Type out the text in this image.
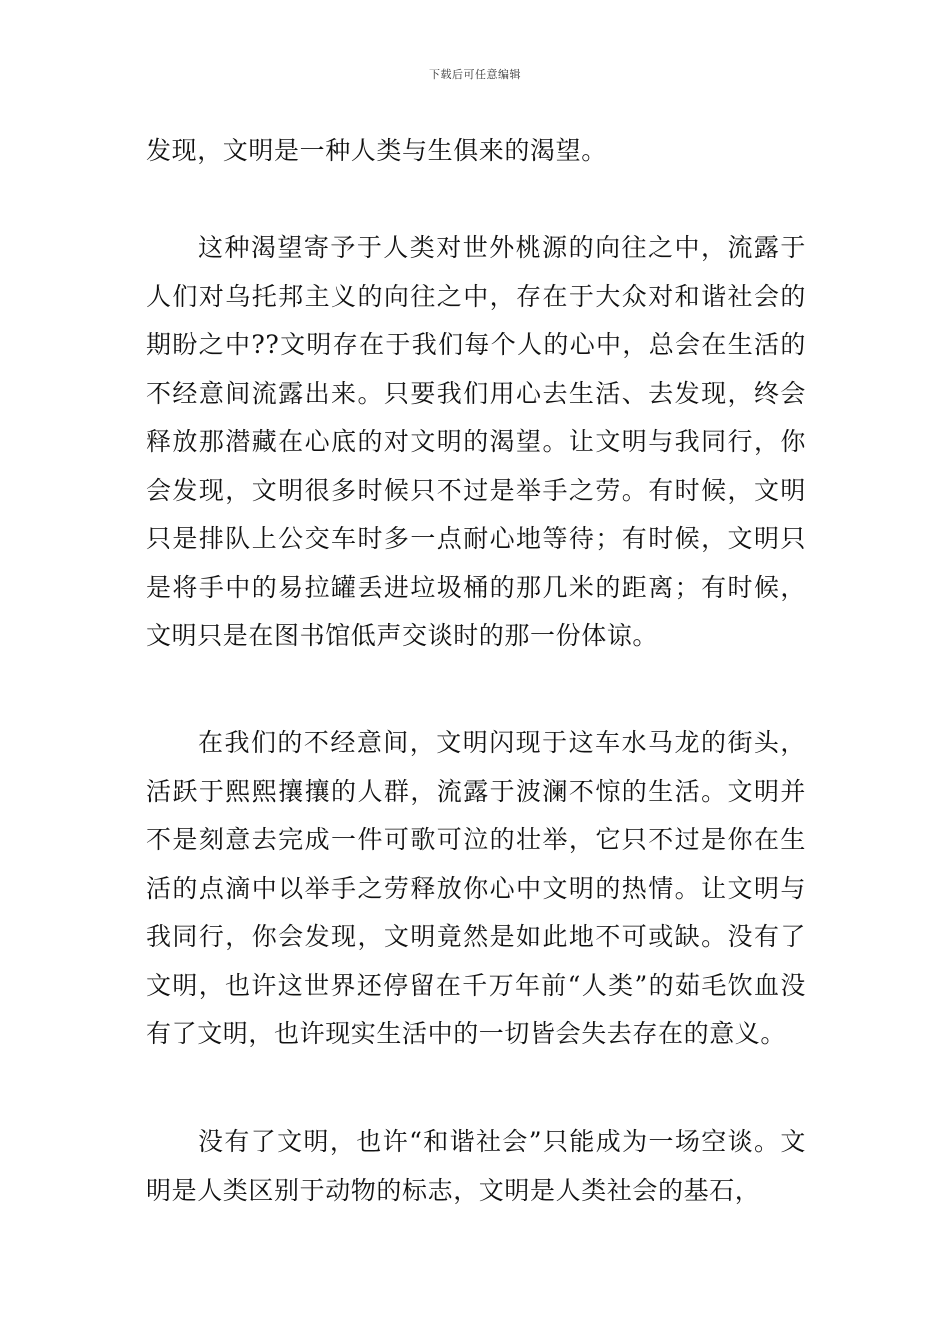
下载后可任意编辑

发现，文明是一种人类与生俱来的渴望。

这种渴望寄予于人类对世外桃源的向往之中，流露于人们对乌托邦主义的向往之中，存在于大众对和谐社会的期盼之中??文明存在于我们每个人的心中，总会在生活的不经意间流露出来。只要我们用心去生活、去发现，终会释放那潜藏在心底的对文明的渴望。让文明与我同行，你会发现，文明很多时候只不过是举手之劳。有时候，文明只是排队上公交车时多一点耐心地等待；有时候，文明只是将手中的易拉罐丢进垃圾桶的那几米的距离；有时候，文明只是在图书馆低声交谈时的那一份体谅。

在我们的不经意间，文明闪现于这车水马龙的街头，活跃于熙熙攘攘的人群，流露于波澜不惊的生活。文明并不是刻意去完成一件可歌可泣的壮举，它只不过是你在生活的点滴中以举手之劳释放你心中文明的热情。让文明与我同行，你会发现，文明竟然是如此地不可或缺。没有了文明，也许这世界还停留在千万年前“人类”的茹毛饮血没有了文明，也许现实生活中的一切皆会失去存在的意义。

没有了文明，也许“和谐社会”只能成为一场空谈。文明是人类区别于动物的标志，文明是人类社会的基石，
